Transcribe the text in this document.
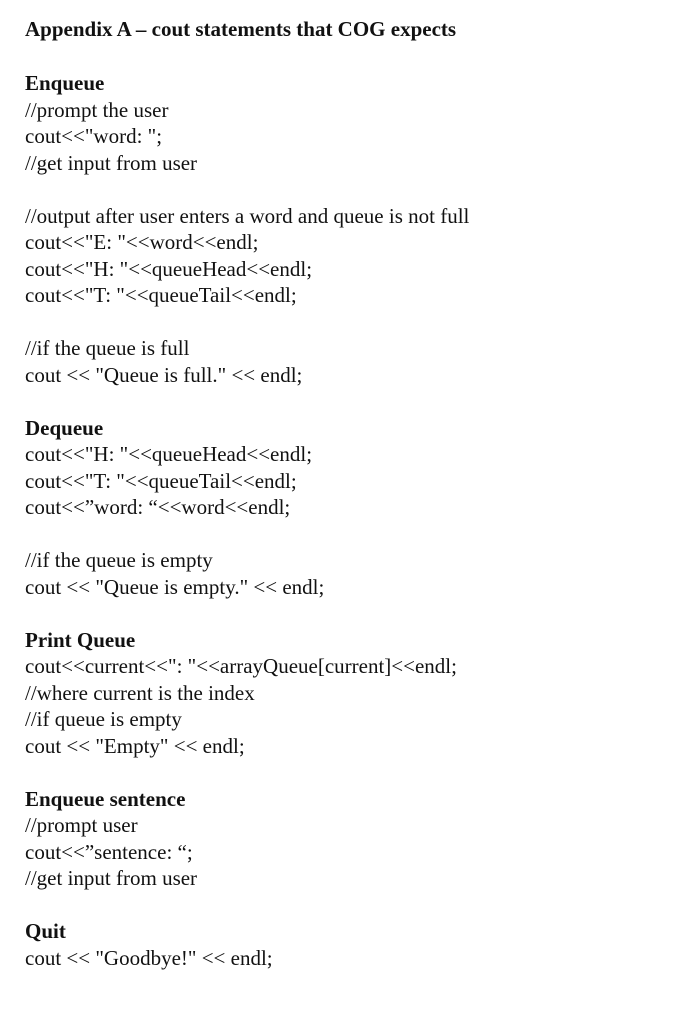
Appendix A – cout statements that COG expects
Enqueue
//prompt the user
cout<<"word: ";
//get input from user
//output after user enters a word and queue is not full
cout<<"E: "<<word<<endl;
cout<<"H: "<<queueHead<<endl;
cout<<"T: "<<queueTail<<endl;
//if the queue is full
cout << "Queue is full." << endl;
Dequeue
cout<<"H: "<<queueHead<<endl;
cout<<"T: "<<queueTail<<endl;
cout<<”word: “<<word<<endl;
//if the queue is empty
cout << "Queue is empty." << endl;
Print Queue
cout<<current<<": "<<arrayQueue[current]<<endl;
//where current is the index
//if queue is empty
cout << "Empty" << endl;
Enqueue sentence
//prompt user
cout<<”sentence: “;
//get input from user
Quit
cout << "Goodbye!" << endl;
